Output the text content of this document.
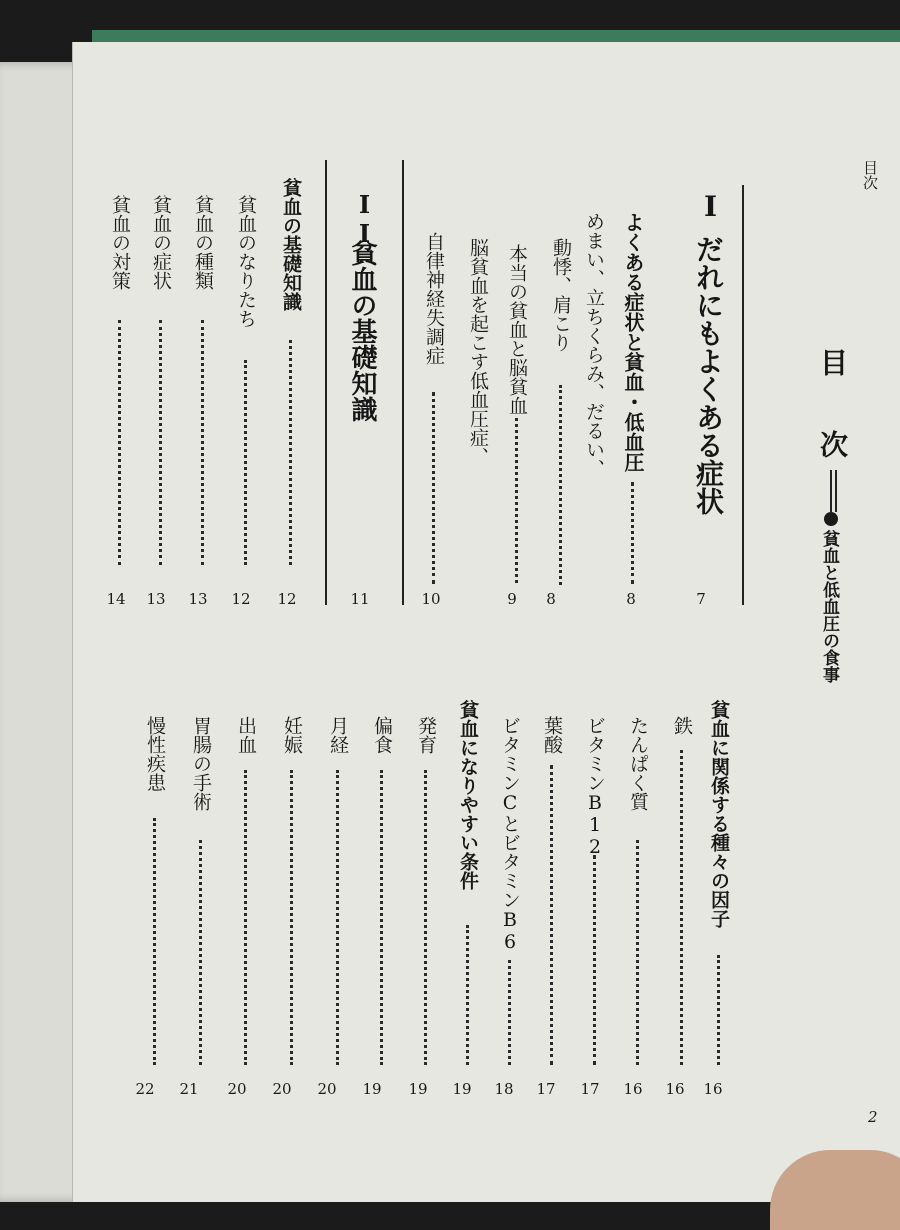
目次
目
次
貧血と低血圧の食事
I
だれにもよくある症状
7
よくある症状と貧血・低血圧
8
めまい、立ちくらみ、だるい、
動悸、肩こり
8
本当の貧血と脳貧血
9
脳貧血を起こす低血圧症、
自律神経失調症
10
II
貧血の基礎知識
11
貧血の基礎知識
12
貧血のなりたち
12
貧血の種類
13
貧血の症状
13
貧血の対策
14
貧血に関係する種々の因子
16
鉄
16
たんぱく質
16
ビタミンB12
17
葉酸
17
ビタミンCとビタミンB6
18
貧血になりやすい条件
19
発育
19
偏食
19
月経
20
妊娠
20
出血
20
胃腸の手術
21
慢性疾患
22
2
